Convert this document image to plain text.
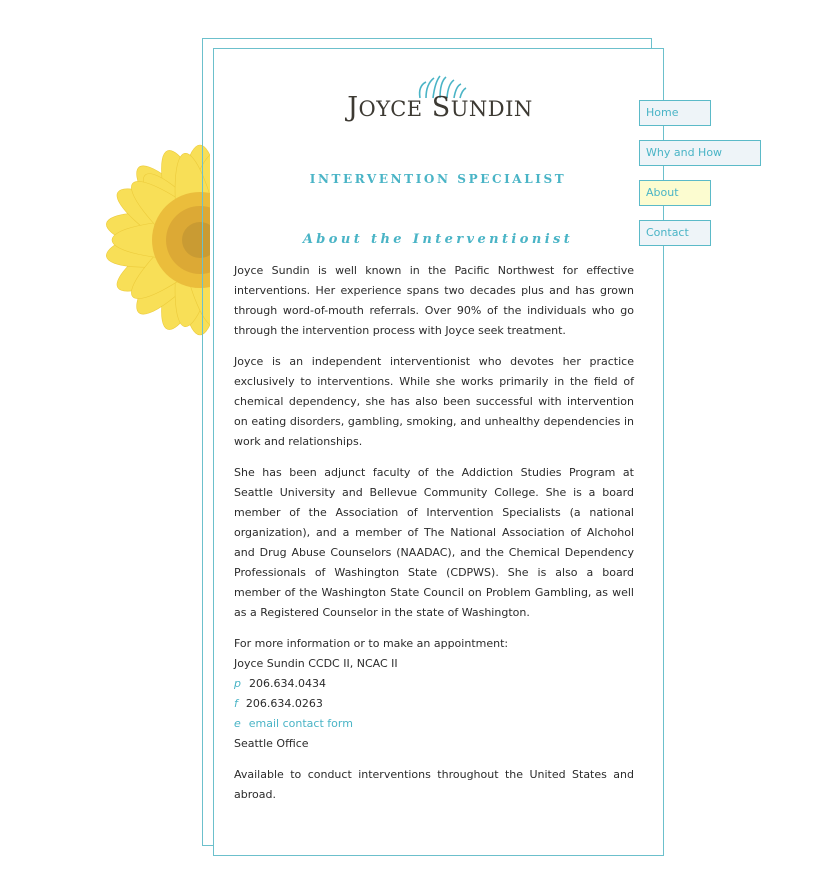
JOYCE SUNDIN
INTERVENTION SPECIALIST
About the Interventionist

Joyce Sundin is well known in the Pacific Northwest for effective interventions. Her experience spans two decades plus and has grown through word-of-mouth referrals. Over 90% of the individuals who go through the intervention process with Joyce seek treatment.

Joyce is an independent interventionist who devotes her practice exclusively to interventions. While she works primarily in the field of chemical dependency, she has also been successful with intervention on eating disorders, gambling, smoking, and unhealthy dependencies in work and relationships.

She has been adjunct faculty of the Addiction Studies Program at Seattle University and Bellevue Community College. She is a board member of the Association of Intervention Specialists (a national organization), and a member of The National Association of Alchohol and Drug Abuse Counselors (NAADAC), and the Chemical Dependency Professionals of Washington State (CDPWS). She is also a board member of the Washington State Council on Problem Gambling, as well as a Registered Counselor in the state of Washington.

For more information or to make an appointment:

Joyce Sundin CCDC II, NCAC II

p 206.634.0434

f 206.634.0263

e email contact form

Seattle Office

Available to conduct interventions throughout the United States and abroad.

Home
Why and How
About
Contact
